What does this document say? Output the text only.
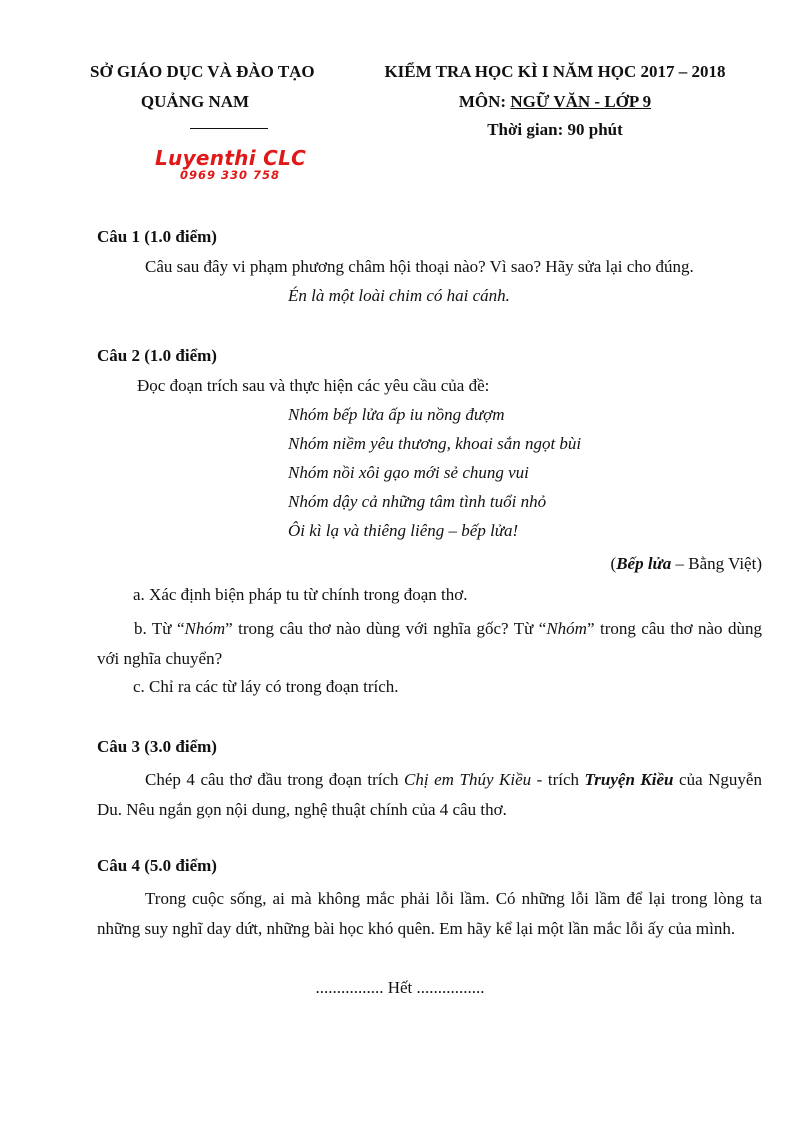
SỞ GIÁO DỤC VÀ ĐÀO TẠO
QUẢNG NAM
Luyenthi CLC
0969 330 758
KIỂM TRA HỌC KÌ I NĂM HỌC 2017 – 2018
MÔN: NGỮ VĂN - LỚP 9
Thời gian: 90 phút
Câu 1 (1.0 điểm)
Câu sau đây vi phạm phương châm hội thoại nào? Vì sao? Hãy sửa lại cho đúng.
Én là một loài chim có hai cánh.
Câu 2 (1.0 điểm)
Đọc đoạn trích sau và thực hiện các yêu cầu của đề:
Nhóm bếp lửa ấp iu nồng đượm
Nhóm niềm yêu thương, khoai sắn ngọt bùi
Nhóm nồi xôi gạo mới sẻ chung vui
Nhóm dậy cả những tâm tình tuổi nhỏ
Ôi kì lạ và thiêng liêng – bếp lửa!
(Bếp lửa – Bằng Việt)
a. Xác định biện pháp tu từ chính trong đoạn thơ.
b. Từ “Nhóm” trong câu thơ nào dùng với nghĩa gốc? Từ “Nhóm” trong câu thơ nào dùng với nghĩa chuyển?
c. Chỉ ra các từ láy có trong đoạn trích.
Câu 3 (3.0 điểm)
Chép 4 câu thơ đầu trong đoạn trích Chị em Thúy Kiều - trích Truyện Kiều của Nguyễn Du. Nêu ngắn gọn nội dung, nghệ thuật chính của 4 câu thơ.
Câu 4 (5.0 điểm)
Trong cuộc sống, ai mà không mắc phải lỗi lầm. Có những lỗi lầm để lại trong lòng ta những suy nghĩ day dứt, những bài học khó quên. Em hãy kể lại một lần mắc lỗi ấy của mình.
................ Hết ................
